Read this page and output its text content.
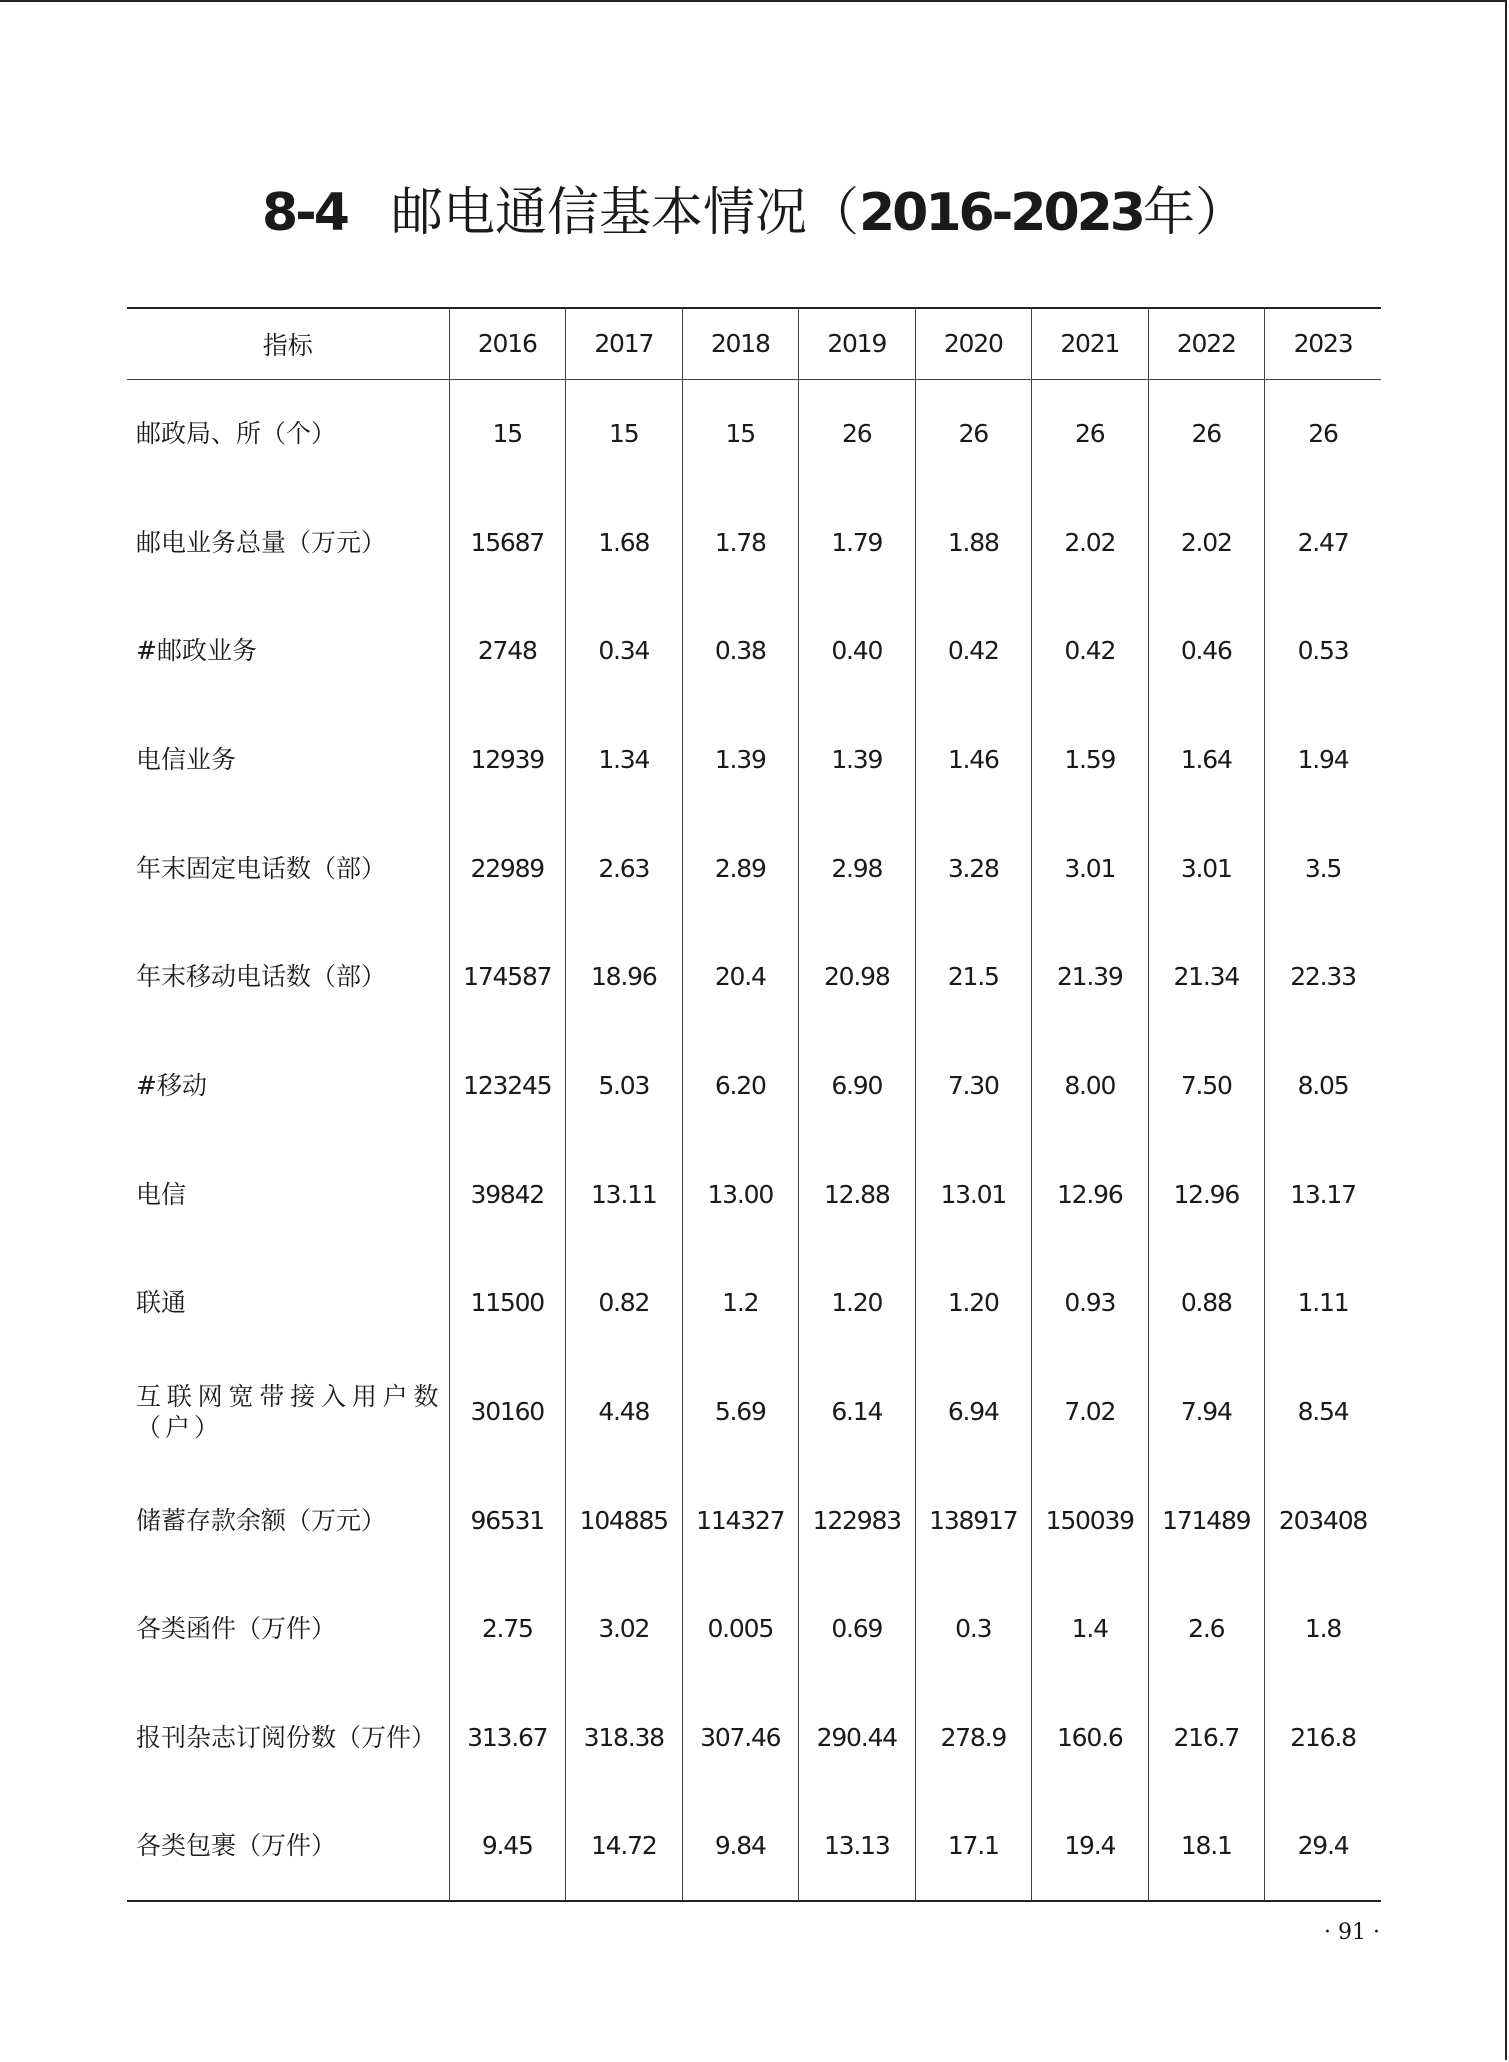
8-4 邮电通信基本情况（2016-2023年）
指标	2016	2017	2018	2019	2020	2021	2022	2023
邮政局、所（个）	15	15	15	26	26	26	26	26
邮电业务总量（万元）	15687	1.68	1.78	1.79	1.88	2.02	2.02	2.47
#邮政业务	2748	0.34	0.38	0.40	0.42	0.42	0.46	0.53
电信业务	12939	1.34	1.39	1.39	1.46	1.59	1.64	1.94
年末固定电话数（部）	22989	2.63	2.89	2.98	3.28	3.01	3.01	3.5
年末移动电话数（部）	174587	18.96	20.4	20.98	21.5	21.39	21.34	22.33
#移动	123245	5.03	6.20	6.90	7.30	8.00	7.50	8.05
电信	39842	13.11	13.00	12.88	13.01	12.96	12.96	13.17
联通	11500	0.82	1.2	1.20	1.20	0.93	0.88	1.11
互联网宽带接入用户数（户）	30160	4.48	5.69	6.14	6.94	7.02	7.94	8.54
储蓄存款余额（万元）	96531	104885	114327	122983	138917	150039	171489	203408
各类函件（万件）	2.75	3.02	0.005	0.69	0.3	1.4	2.6	1.8
报刊杂志订阅份数（万件）	313.67	318.38	307.46	290.44	278.9	160.6	216.7	216.8
各类包裹（万件）	9.45	14.72	9.84	13.13	17.1	19.4	18.1	29.4
· 91 ·
